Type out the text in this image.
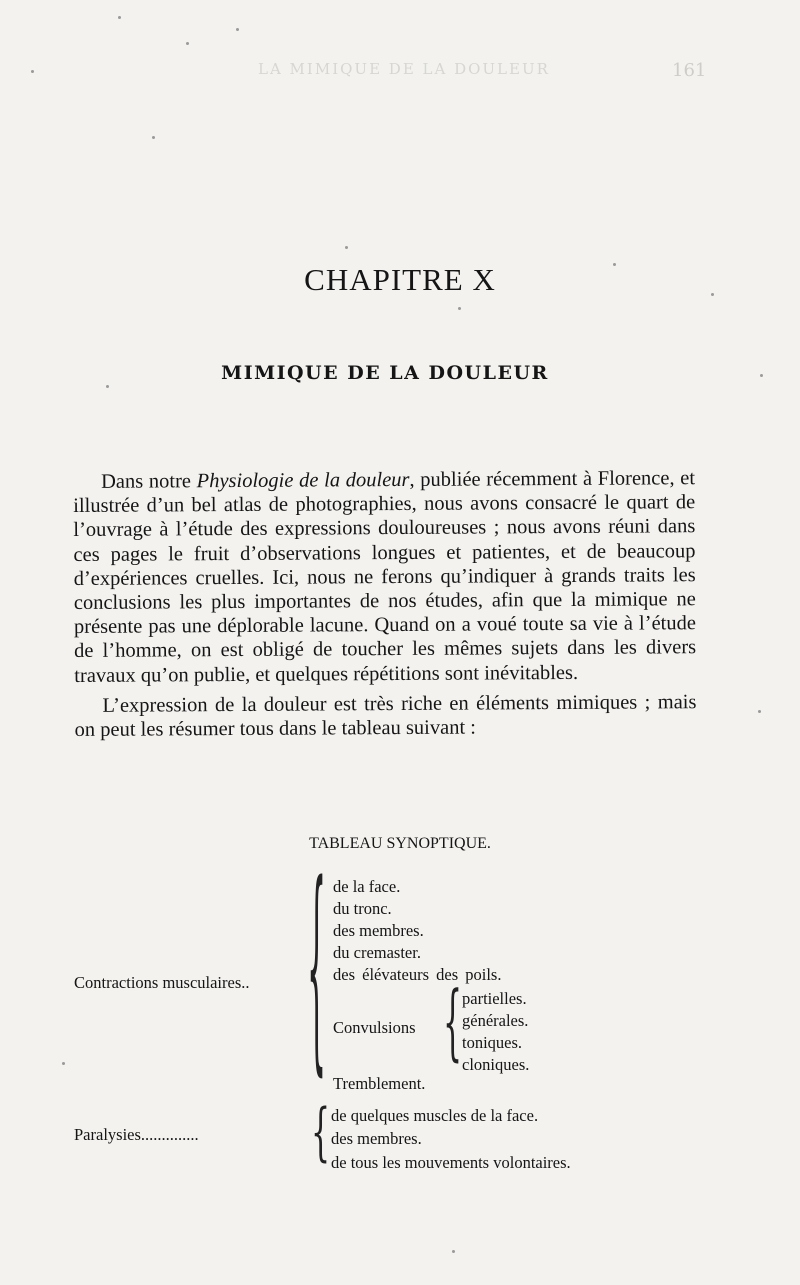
LA MIMIQUE DE LA DOULEUR	161
CHAPITRE X
MIMIQUE DE LA DOULEUR

Dans notre Physiologie de la douleur, publiée récemment à Florence, et illustrée d’un bel atlas de photographies, nous avons consacré le quart de l’ouvrage à l’étude des expressions douloureuses ; nous avons réuni dans ces pages le fruit d’observations longues et patientes, et de beaucoup d’expériences cruelles. Ici, nous ne ferons qu’indiquer à grands traits les conclusions les plus importantes de nos études, afin que la mimique ne présente pas une déplorable lacune. Quand on a voué toute sa vie à l’étude de l’homme, on est obligé de toucher les mêmes sujets dans les divers travaux qu’on publie, et quelques répétitions sont inévitables.

L’expression de la douleur est très riche en éléments mimiques ; mais on peut les résumer tous dans le tableau suivant :

TABLEAU SYNOPTIQUE.
Contractions musculaires.. { de la face.
du tronc.
des membres.
du cremaster.
des élévateurs des poils.
Convulsions { partielles.
générales.
toniques.
cloniques.
Tremblement.
Paralysies..............	{ de quelques muscles de la face.
des membres.
de tous les mouvements volontaires.
